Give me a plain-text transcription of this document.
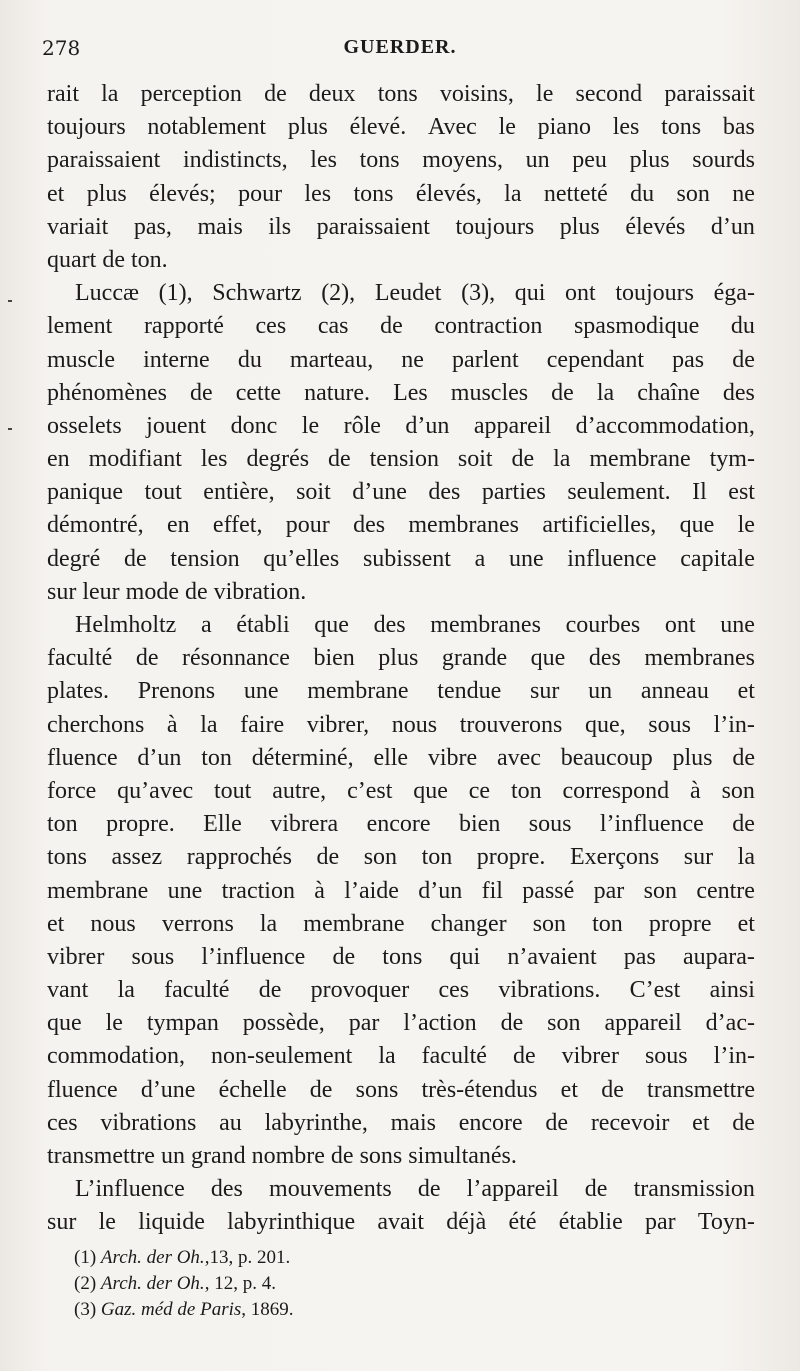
278	GUERDER.
rait la perception de deux tons voisins, le second paraissait
toujours notablement plus élevé. Avec le piano les tons bas
paraissaient indistincts, les tons moyens, un peu plus sourds
et plus élevés; pour les tons élevés, la netteté du son ne
variait pas, mais ils paraissaient toujours plus élevés d’un
quart de ton.
Luccæ (1), Schwartz (2), Leudet (3), qui ont toujours éga-
lement rapporté ces cas de contraction spasmodique du
muscle interne du marteau, ne parlent cependant pas de
phénomènes de cette nature. Les muscles de la chaîne des
osselets jouent donc le rôle d’un appareil d’accommodation,
en modifiant les degrés de tension soit de la membrane tym-
panique tout entière, soit d’une des parties seulement. Il est
démontré, en effet, pour des membranes artificielles, que le
degré de tension qu’elles subissent a une influence capitale
sur leur mode de vibration.
Helmholtz a établi que des membranes courbes ont une
faculté de résonnance bien plus grande que des membranes
plates. Prenons une membrane tendue sur un anneau et
cherchons à la faire vibrer, nous trouverons que, sous l’in-
fluence d’un ton déterminé, elle vibre avec beaucoup plus de
force qu’avec tout autre, c’est que ce ton correspond à son
ton propre. Elle vibrera encore bien sous l’influence de
tons assez rapprochés de son ton propre. Exerçons sur la
membrane une traction à l’aide d’un fil passé par son centre
et nous verrons la membrane changer son ton propre et
vibrer sous l’influence de tons qui n’avaient pas aupara-
vant la faculté de provoquer ces vibrations. C’est ainsi
que le tympan possède, par l’action de son appareil d’ac-
commodation, non-seulement la faculté de vibrer sous l’in-
fluence d’une échelle de sons très-étendus et de transmettre
ces vibrations au labyrinthe, mais encore de recevoir et de
transmettre un grand nombre de sons simultanés.
L’influence des mouvements de l’appareil de transmission
sur le liquide labyrinthique avait déjà été établie par Toyn-
(1) Arch. der Oh.,13, p. 201.
(2) Arch. der Oh., 12, p. 4.
(3) Gaz. méd de Paris, 1869.
